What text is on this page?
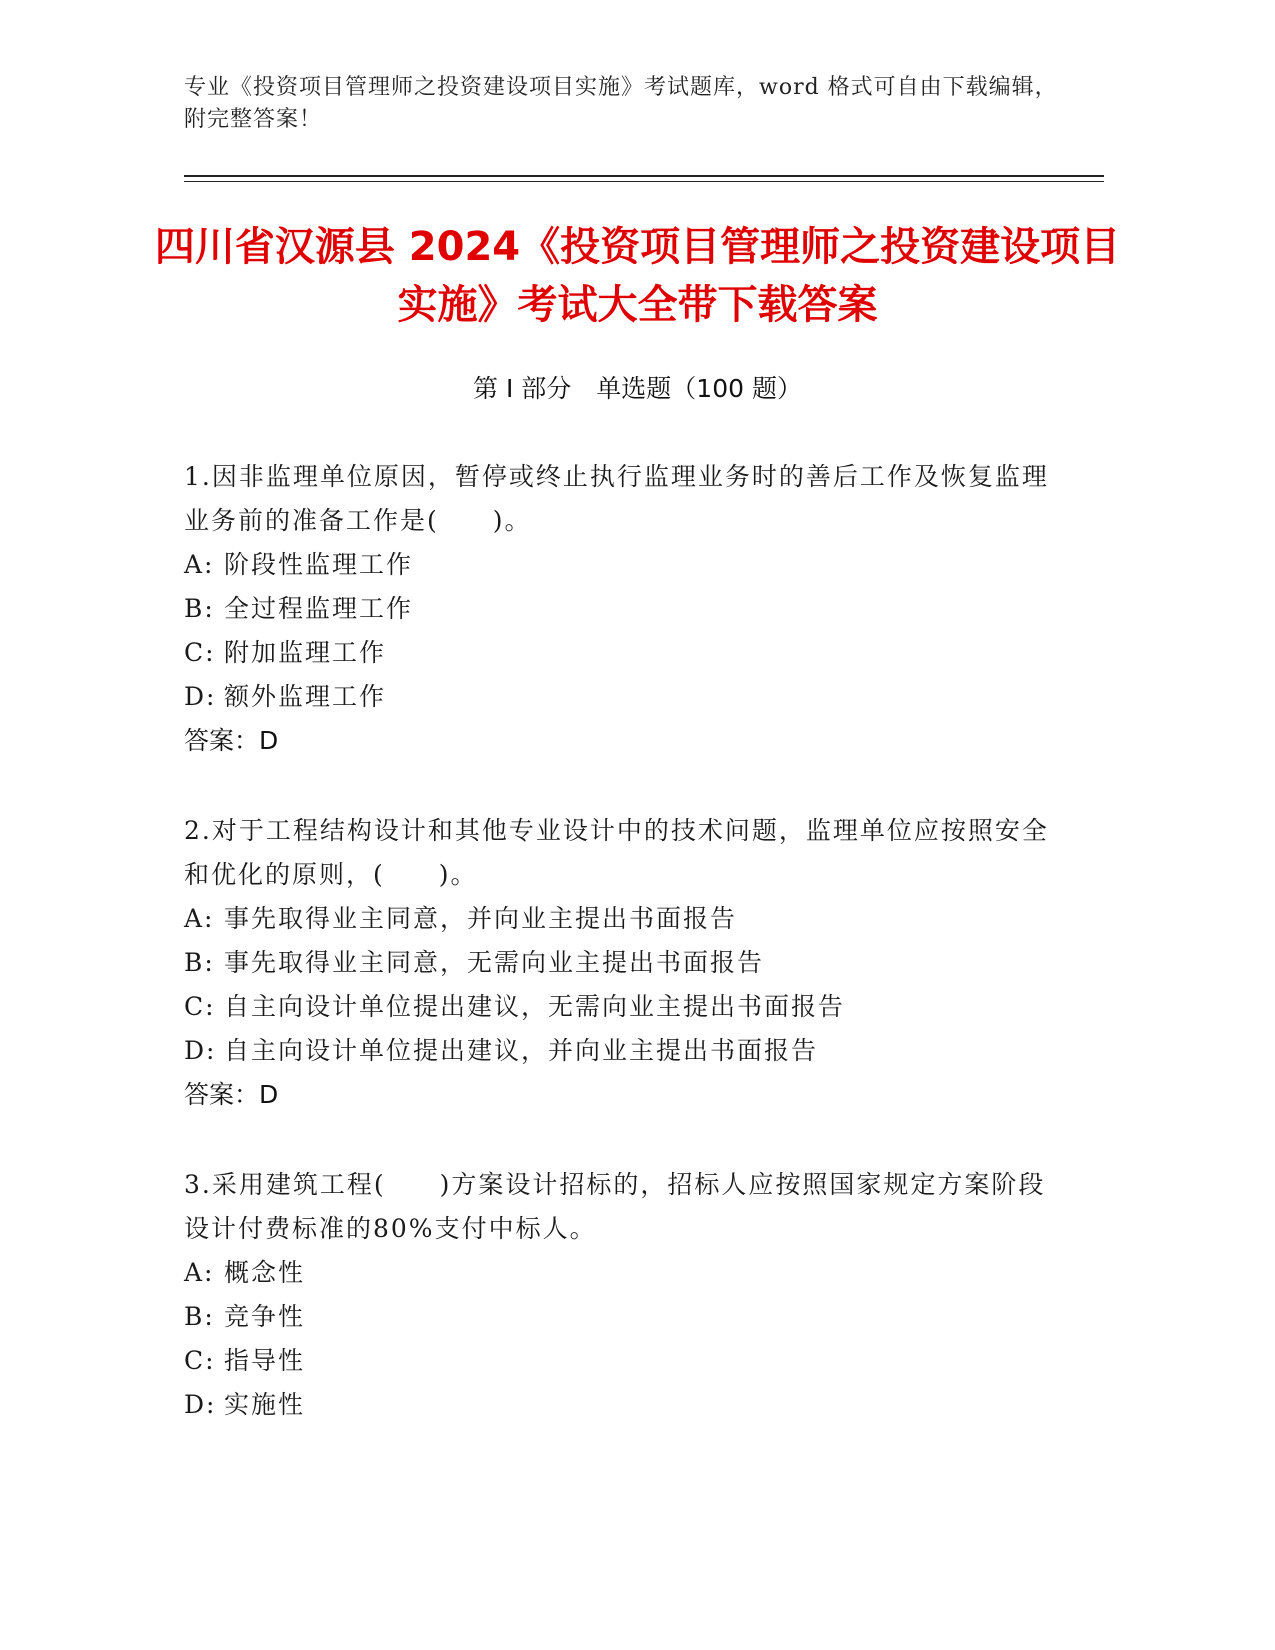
专业《投资项目管理师之投资建设项目实施》考试题库，word 格式可自由下载编辑，附完整答案！
四川省汉源县 2024《投资项目管理师之投资建设项目实施》考试大全带下载答案
第 I 部分　单选题（100 题）

1.因非监理单位原因，暂停或终止执行监理业务时的善后工作及恢复监理业务前的准备工作是(　　)。

A: 阶段性监理工作
B: 全过程监理工作
C: 附加监理工作
D: 额外监理工作
答案：D

2.对于工程结构设计和其他专业设计中的技术问题，监理单位应按照安全和优化的原则，(　　)。

A: 事先取得业主同意，并向业主提出书面报告
B: 事先取得业主同意，无需向业主提出书面报告
C: 自主向设计单位提出建议，无需向业主提出书面报告
D: 自主向设计单位提出建议，并向业主提出书面报告
答案：D

3.采用建筑工程(　　)方案设计招标的，招标人应按照国家规定方案阶段设计付费标准的80%支付中标人。

A: 概念性
B: 竞争性
C: 指导性
D: 实施性
